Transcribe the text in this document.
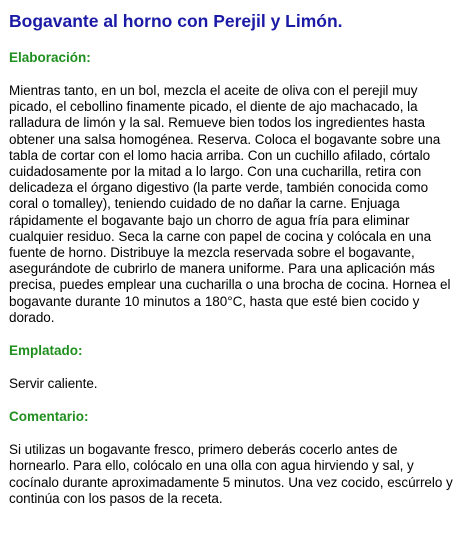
Bogavante al horno con Perejil y Limón.
Elaboración:

Mientras tanto, en un bol, mezcla el aceite de oliva con el perejil muy picado, el cebollino finamente picado, el diente de ajo machacado, la ralladura de limón y la sal. Remueve bien todos los ingredientes hasta obtener una salsa homogénea. Reserva. Coloca el bogavante sobre una tabla de cortar con el lomo hacia arriba. Con un cuchillo afilado, córtalo cuidadosamente por la mitad a lo largo. Con una cucharilla, retira con delicadeza el órgano digestivo (la parte verde, también conocida como coral o tomalley), teniendo cuidado de no dañar la carne. Enjuaga rápidamente el bogavante bajo un chorro de agua fría para eliminar cualquier residuo. Seca la carne con papel de cocina y colócala en una fuente de horno. Distribuye la mezcla reservada sobre el bogavante, asegurándote de cubrirlo de manera uniforme. Para una aplicación más precisa, puedes emplear una cucharilla o una brocha de cocina. Hornea el bogavante durante 10 minutos a 180°C, hasta que esté bien cocido y dorado.

Emplatado:

Servir caliente.

Comentario:

Si utilizas un bogavante fresco, primero deberás cocerlo antes de hornearlo. Para ello, colócalo en una olla con agua hirviendo y sal, y cocínalo durante aproximadamente 5 minutos. Una vez cocido, escúrrelo y continúa con los pasos de la receta.
